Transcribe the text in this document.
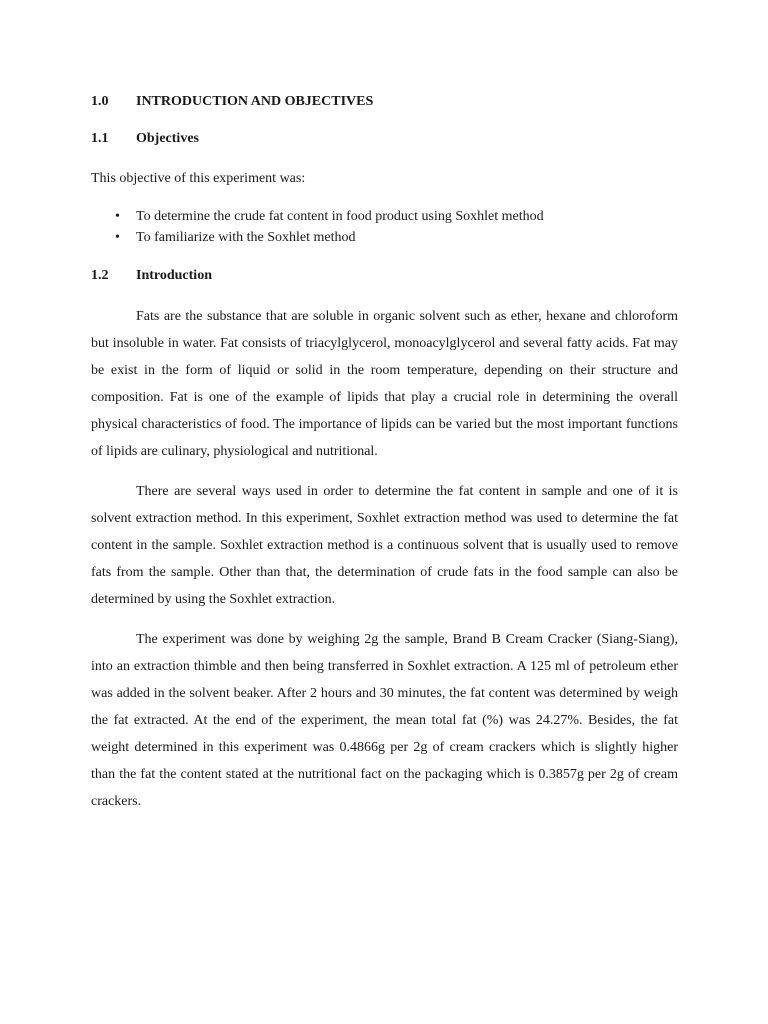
1.0	INTRODUCTION AND OBJECTIVES
1.1	Objectives
This objective of this experiment was:
• To determine the crude fat content in food product using Soxhlet method
• To familiarize with the Soxhlet method
1.2	Introduction

Fats are the substance that are soluble in organic solvent such as ether, hexane and chloroform but insoluble in water. Fat consists of triacylglycerol, monoacylglycerol and several fatty acids. Fat may be exist in the form of liquid or solid in the room temperature, depending on their structure and composition. Fat is one of the example of lipids that play a crucial role in determining the overall physical characteristics of food. The importance of lipids can be varied but the most important functions of lipids are culinary, physiological and nutritional.

There are several ways used in order to determine the fat content in sample and one of it is solvent extraction method. In this experiment, Soxhlet extraction method was used to determine the fat content in the sample. Soxhlet extraction method is a continuous solvent that is usually used to remove fats from the sample. Other than that, the determination of crude fats in the food sample can also be determined by using the Soxhlet extraction.

The experiment was done by weighing 2g the sample, Brand B Cream Cracker (Siang-Siang), into an extraction thimble and then being transferred in Soxhlet extraction. A 125 ml of petroleum ether was added in the solvent beaker. After 2 hours and 30 minutes, the fat content was determined by weigh the fat extracted. At the end of the experiment, the mean total fat (%) was 24.27%. Besides, the fat weight determined in this experiment was 0.4866g per 2g of cream crackers which is slightly higher than the fat the content stated at the nutritional fact on the packaging which is 0.3857g per 2g of cream crackers.
